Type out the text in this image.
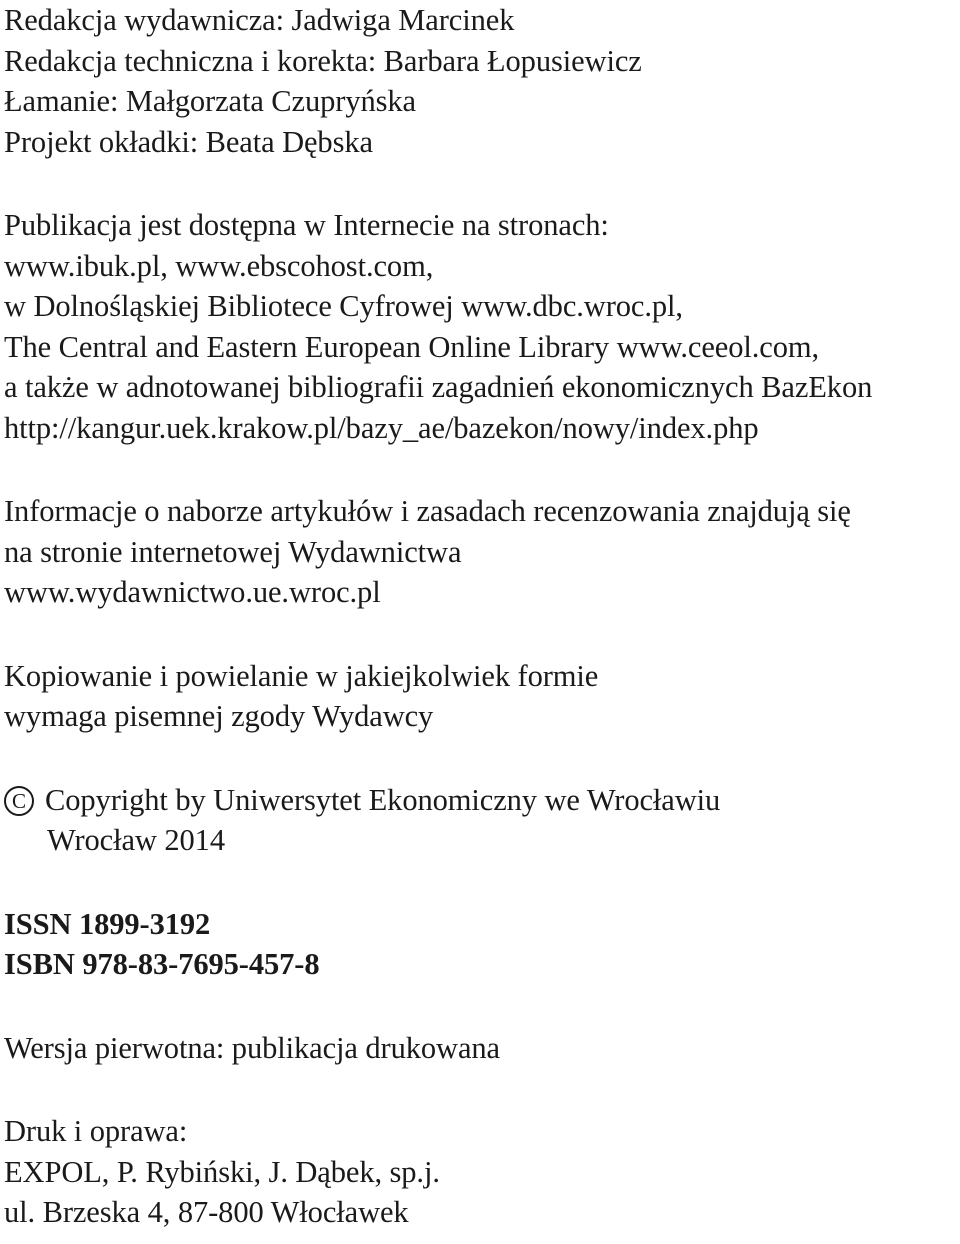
Redakcja wydawnicza: Jadwiga Marcinek
Redakcja techniczna i korekta: Barbara Łopusiewicz
Łamanie: Małgorzata Czupryńska
Projekt okładki: Beata Dębska
Publikacja jest dostępna w Internecie na stronach:
www.ibuk.pl, www.ebscohost.com,
w Dolnośląskiej Bibliotece Cyfrowej www.dbc.wroc.pl,
The Central and Eastern European Online Library www.ceeol.com,
a także w adnotowanej bibliografii zagadnień ekonomicznych BazEkon
http://kangur.uek.krakow.pl/bazy_ae/bazekon/nowy/index.php
Informacje o naborze artykułów i zasadach recenzowania znajdują się
na stronie internetowej Wydawnictwa
www.wydawnictwo.ue.wroc.pl
Kopiowanie i powielanie w jakiejkolwiek formie
wymaga pisemnej zgody Wydawcy
C Copyright by Uniwersytet Ekonomiczny we Wrocławiu
Wrocław 2014
ISSN 1899-3192
ISBN 978-83-7695-457-8
Wersja pierwotna: publikacja drukowana
Druk i oprawa:
EXPOL, P. Rybiński, J. Dąbek, sp.j.
ul. Brzeska 4, 87-800 Włocławek
